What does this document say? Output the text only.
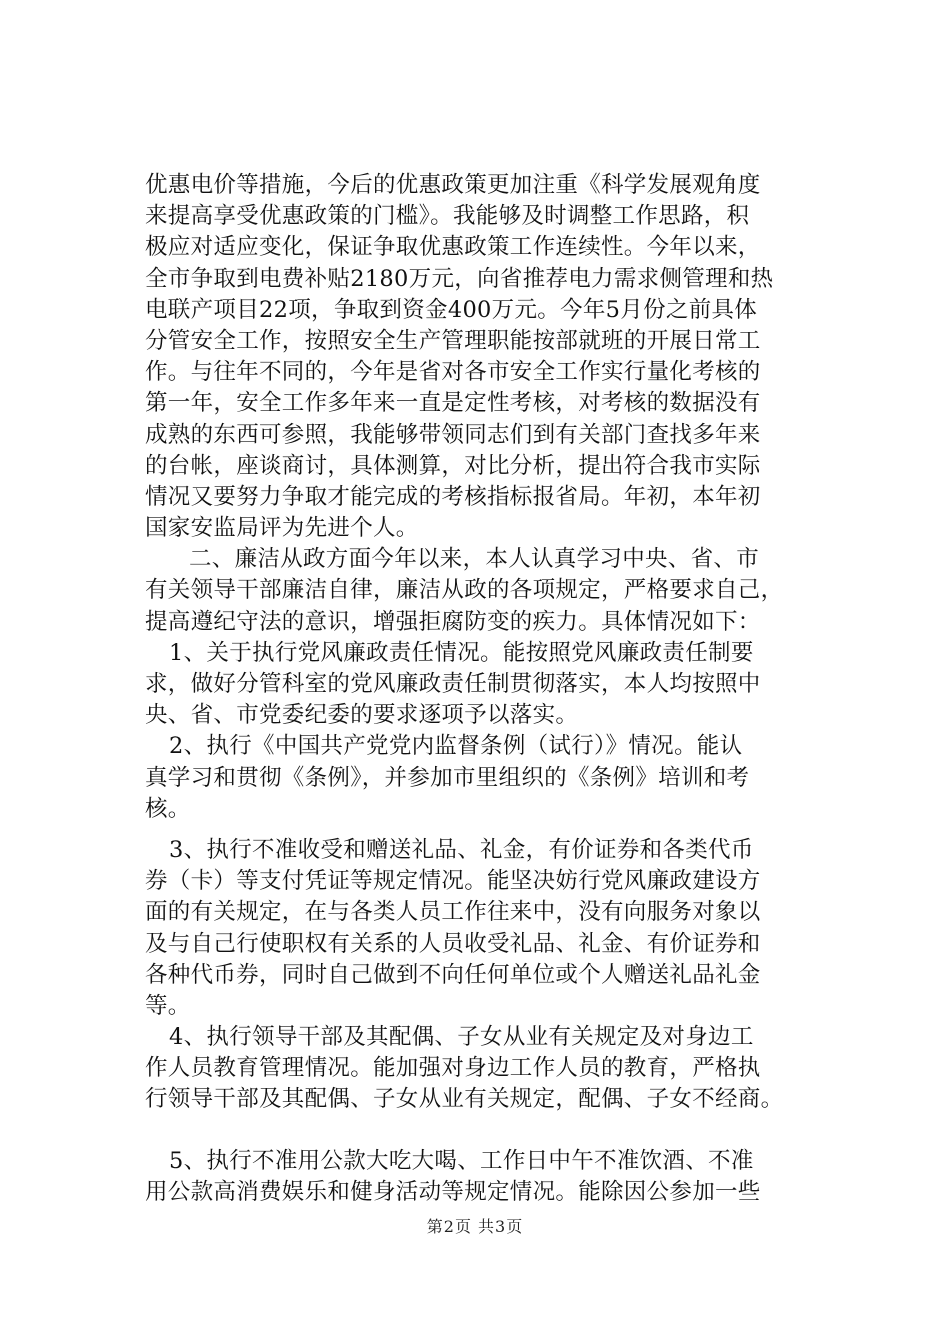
优惠电价等措施，今后的优惠政策更加注重《科学发展观角度
来提高享受优惠政策的门槛》。我能够及时调整工作思路，积
极应对适应变化，保证争取优惠政策工作连续性。今年以来，
全市争取到电费补贴2180万元，向省推荐电力需求侧管理和热
电联产项目22项，争取到资金400万元。今年5月份之前具体
分管安全工作，按照安全生产管理职能按部就班的开展日常工
作。与往年不同的，今年是省对各市安全工作实行量化考核的
第一年，安全工作多年来一直是定性考核，对考核的数据没有
成熟的东西可参照，我能够带领同志们到有关部门查找多年来
的台帐，座谈商讨，具体测算，对比分析，提出符合我市实际
情况又要努力争取才能完成的考核指标报省局。年初，本年初
国家安监局评为先进个人。
二、廉洁从政方面今年以来，本人认真学习中央、省、市
有关领导干部廉洁自律，廉洁从政的各项规定，严格要求自己，
提高遵纪守法的意识，增强拒腐防变的疾力。具体情况如下：
1、关于执行党风廉政责任情况。能按照党风廉政责任制要
求，做好分管科室的党风廉政责任制贯彻落实，本人均按照中
央、省、市党委纪委的要求逐项予以落实。
2、执行《中国共产党党内监督条例（试行）》情况。能认
真学习和贯彻《条例》，并参加市里组织的《条例》培训和考
核。
3、执行不准收受和赠送礼品、礼金，有价证券和各类代币
券（卡）等支付凭证等规定情况。能坚决妨行党风廉政建设方
面的有关规定，在与各类人员工作往来中，没有向服务对象以
及与自己行使职权有关系的人员收受礼品、礼金、有价证券和
各种代币券，同时自己做到不向任何单位或个人赠送礼品礼金
等。
4、执行领导干部及其配偶、子女从业有关规定及对身边工
作人员教育管理情况。能加强对身边工作人员的教育，严格执
行领导干部及其配偶、子女从业有关规定，配偶、子女不经商。
5、执行不准用公款大吃大喝、工作日中午不准饮酒、不准
用公款高消费娱乐和健身活动等规定情况。能除因公参加一些
第2页 共3页
